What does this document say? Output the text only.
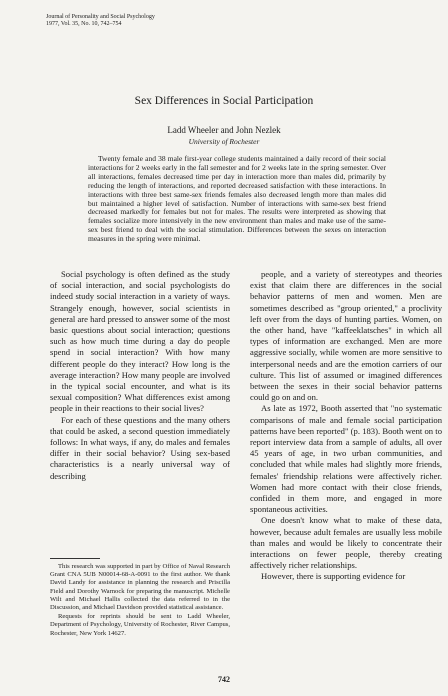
Journal of Personality and Social Psychology
1977, Vol. 35, No. 10, 742–754
Sex Differences in Social Participation
Ladd Wheeler and John Nezlek
University of Rochester
Twenty female and 38 male first-year college students maintained a daily record of their social interactions for 2 weeks early in the fall semester and for 2 weeks late in the spring semester. Over all interactions, females decreased time per day in interaction more than males did, primarily by reducing the length of interactions, and reported decreased satisfaction with these interactions. In interactions with three best same-sex friends females also decreased length more than males did but maintained a higher level of satisfaction. Number of interactions with same-sex best friend decreased markedly for females but not for males. The results were interpreted as showing that females socialize more intensively in the new environment than males and make use of the same-sex best friend to deal with the social stimulation. Differences between the sexes on interaction measures in the spring were minimal.

Social psychology is often defined as the study of social interaction, and social psychologists do indeed study social interaction in a variety of ways. Strangely enough, however, social scientists in general are hard pressed to answer some of the most basic questions about social interaction; questions such as how much time during a day do people spend in social interaction? With how many different people do they interact? How long is the average interaction? How many people are involved in the typical social encounter, and what is its sexual composition? What differences exist among people in their reactions to their social lives?

For each of these questions and the many others that could be asked, a second question immediately follows: In what ways, if any, do males and females differ in their social behavior? Using sex-based characteristics is a nearly universal way of describing

This research was supported in part by Office of Naval Research Grant CNA 5UB N00014-68-A-0091 to the first author. We thank David Landy for assistance in planning the research and Priscilla Field and Dorothy Warnock for preparing the manuscript. Michelle Wilt and Michael Hallis collected the data referred to in the Discussion, and Michael Davidson provided statistical assistance.

Requests for reprints should be sent to Ladd Wheeler, Department of Psychology, University of Rochester, River Campus, Rochester, New York 14627.

people, and a variety of stereotypes and theories exist that claim there are differences in the social behavior patterns of men and women. Men are sometimes described as "group oriented," a proclivity left over from the days of hunting parties. Women, on the other hand, have "kaffeeklatsches" in which all types of information are exchanged. Men are more aggressive socially, while women are more sensitive to interpersonal needs and are the emotion carriers of our culture. This list of assumed or imagined differences between the sexes in their social behavior patterns could go on and on.

As late as 1972, Booth asserted that "no systematic comparisons of male and female social participation patterns have been reported" (p. 183). Booth went on to report interview data from a sample of adults, all over 45 years of age, in two urban communities, and concluded that while males had slightly more friends, females' friendship relations were affectively richer. Women had more contact with their close friends, confided in them more, and engaged in more spontaneous activities.

One doesn't know what to make of these data, however, because adult females are usually less mobile than males and would be likely to concentrate their interactions on fewer people, thereby creating affectively richer relationships.

However, there is supporting evidence for

742
